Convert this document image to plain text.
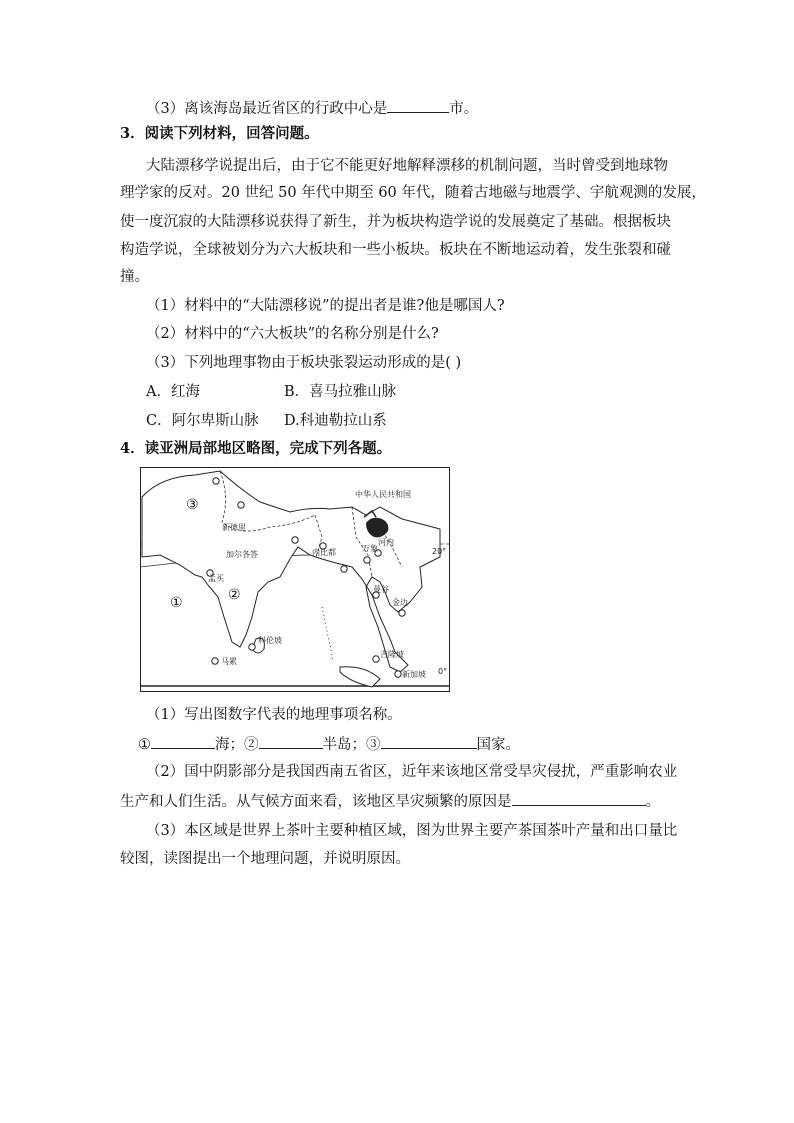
（3）离该海岛最近省区的行政中心是	市。
3．阅读下列材料，回答问题。
大陆漂移学说提出后，由于它不能更好地解释漂移的机制问题，当时曾受到地球物
理学家的反对。20 世纪 50 年代中期至 60 年代，随着古地磁与地震学、宇航观测的发展，
使一度沉寂的大陆漂移说获得了新生，并为板块构造学说的发展奠定了基础。根据板块
构造学说，全球被划分为六大板块和一些小板块。板块在不断地运动着，发生张裂和碰
撞。
（1）材料中的“大陆漂移说”的提出者是谁?他是哪国人?
（2）材料中的“六大板块”的名称分别是什么?
（3）下列地理事物由于板块张裂运动形成的是( )
A．红海	B．喜马拉雅山脉
C．阿尔卑斯山脉 D.科迪勒拉山系
4．读亚洲局部地区略图，完成下列各题。
中华人民共和国
新德里
加尔各答	内比都	万象
河内
孟买
曼谷
金边
科伦坡
马累
吉隆坡
新加坡
20°
0°
①	②
③
（1）写出图数字代表的地理事项名称。
①	海；②	半岛；③	国家。
（2）国中阴影部分是我国西南五省区，近年来该地区常受旱灾侵扰，严重影响农业
生产和人们生活。从气候方面来看，该地区旱灾频繁的原因是	。
（3）本区域是世界上茶叶主要种植区域，图为世界主要产茶国茶叶产量和出口量比
较图，读图提出一个地理问题，并说明原因。
